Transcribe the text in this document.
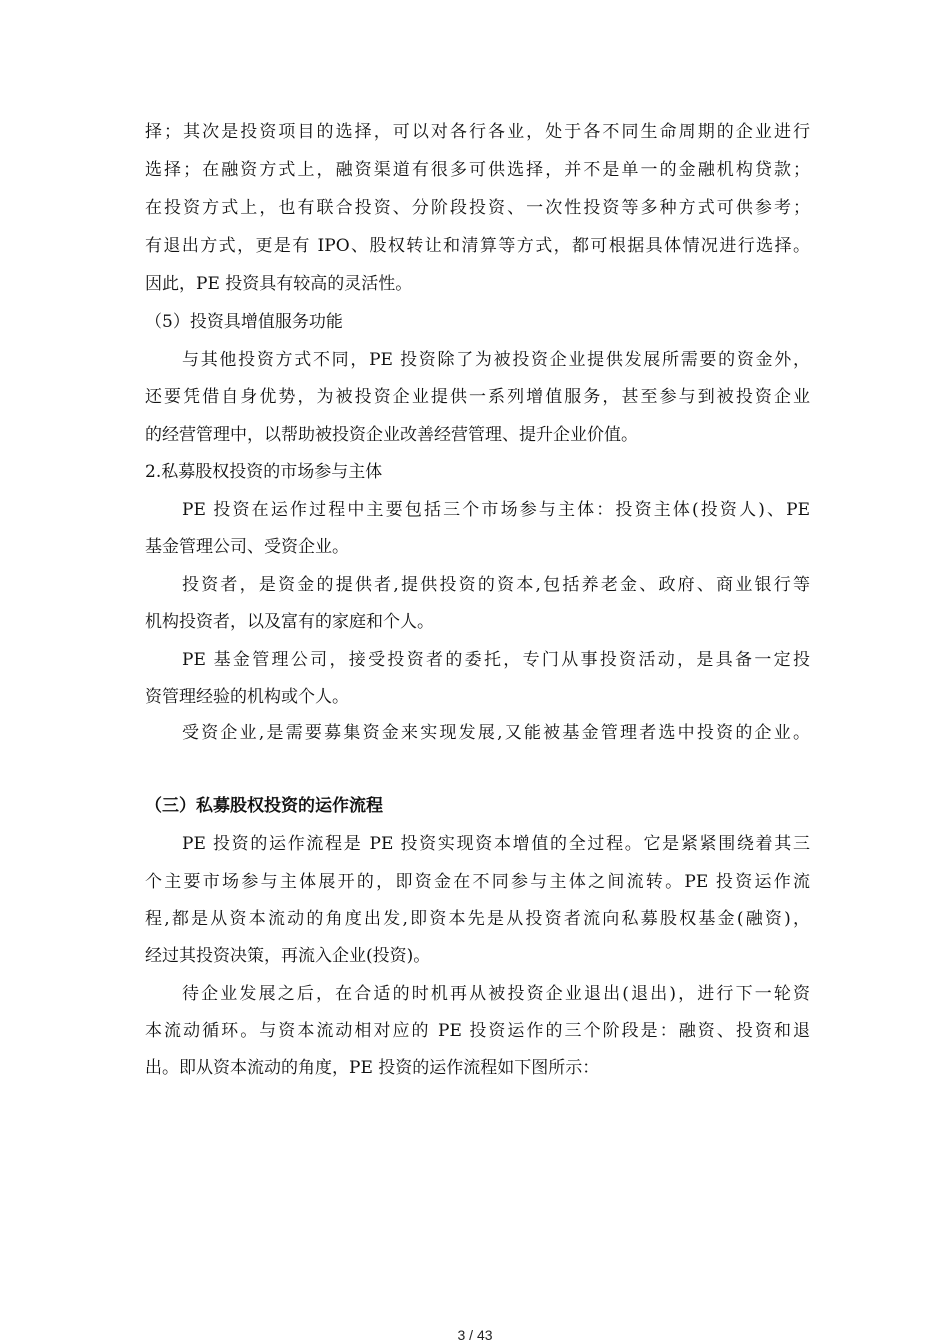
择；其次是投资项目的选择，可以对各行各业，处于各不同生命周期的企业进行
选择；在融资方式上，融资渠道有很多可供选择，并不是单一的金融机构贷款；
在投资方式上，也有联合投资、分阶段投资、一次性投资等多种方式可供参考；
有退出方式，更是有 IPO、股权转让和清算等方式，都可根据具体情况进行选择。
因此，PE 投资具有较高的灵活性。
（5）投资具增值服务功能
与其他投资方式不同，PE 投资除了为被投资企业提供发展所需要的资金外，
还要凭借自身优势，为被投资企业提供一系列增值服务，甚至参与到被投资企业
的经营管理中，以帮助被投资企业改善经营管理、提升企业价值。
2.私募股权投资的市场参与主体
PE 投资在运作过程中主要包括三个市场参与主体：投资主体(投资人)、PE
基金管理公司、受资企业。
投资者，是资金的提供者,提供投资的资本,包括养老金、政府、商业银行等
机构投资者，以及富有的家庭和个人。
PE 基金管理公司，接受投资者的委托，专门从事投资活动，是具备一定投
资管理经验的机构或个人。
受资企业,是需要募集资金来实现发展,又能被基金管理者选中投资的企业。
（三）私募股权投资的运作流程
PE 投资的运作流程是 PE 投资实现资本增值的全过程。它是紧紧围绕着其三
个主要市场参与主体展开的，即资金在不同参与主体之间流转。PE 投资运作流
程,都是从资本流动的角度出发,即资本先是从投资者流向私募股权基金(融资)，
经过其投资决策，再流入企业(投资)。
待企业发展之后，在合适的时机再从被投资企业退出(退出)，进行下一轮资
本流动循环。与资本流动相对应的 PE 投资运作的三个阶段是：融资、投资和退
出。即从资本流动的角度，PE 投资的运作流程如下图所示：
3 / 43
